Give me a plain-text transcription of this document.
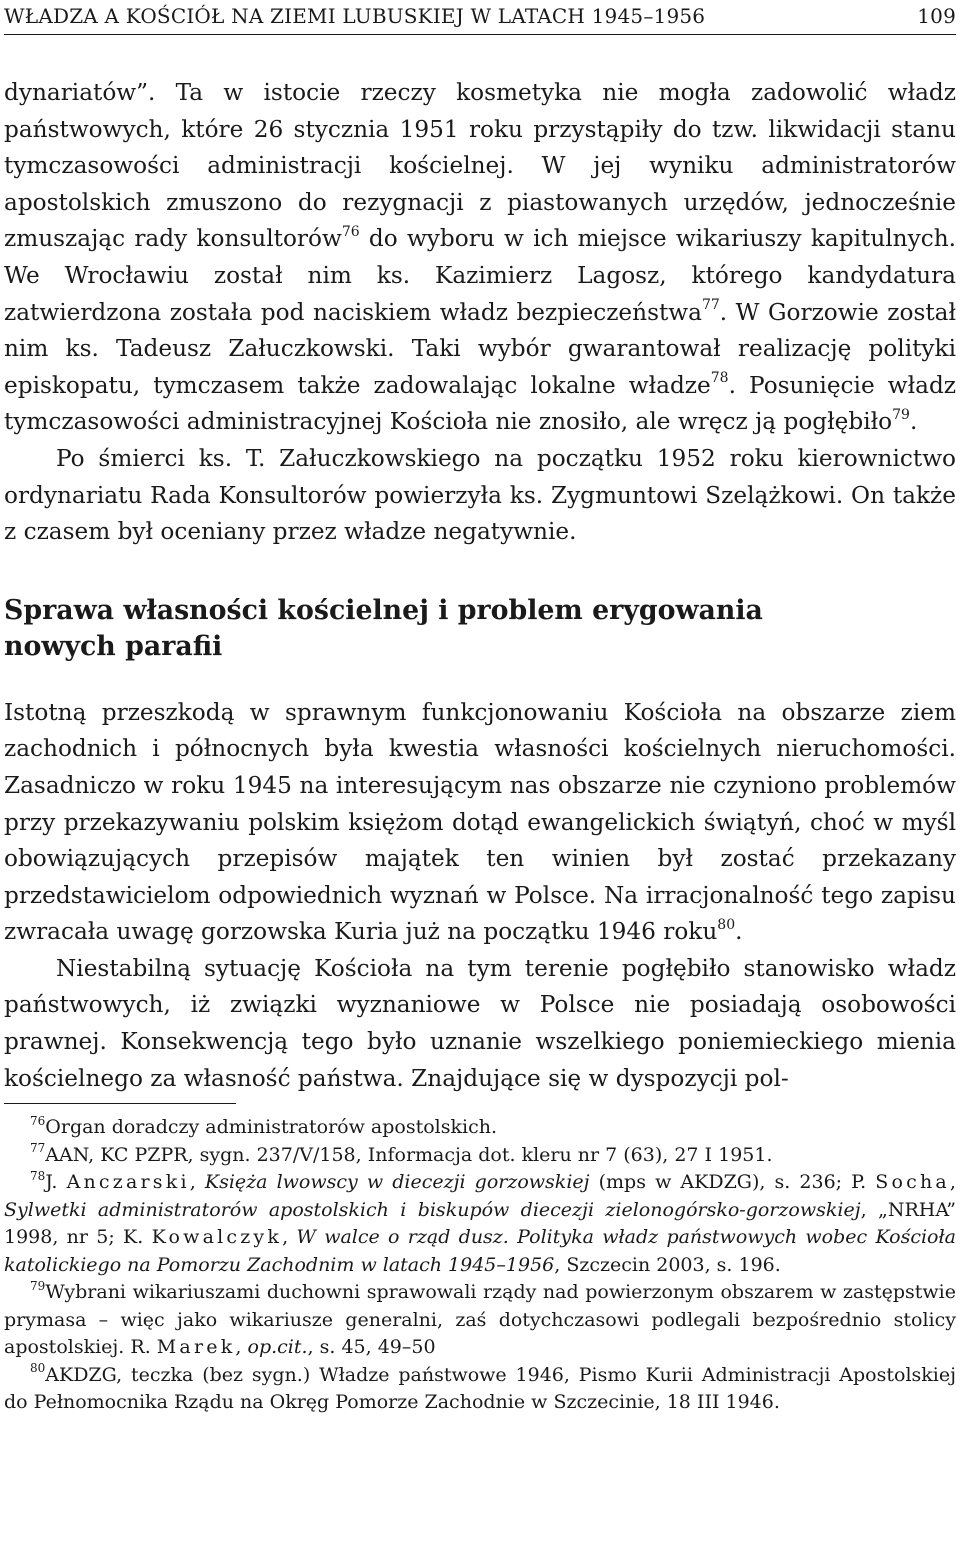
WŁADZA A KOŚCIÓŁ NA ZIEMI LUBUSKIEJ W LATACH 1945–1956	109

dynariatów”. Ta w istocie rzeczy kosmetyka nie mogła zadowolić władz państwowych, które 26 stycznia 1951 roku przystąpiły do tzw. likwidacji stanu tymczasowości administracji kościelnej. W jej wyniku administratorów apostolskich zmuszono do rezygnacji z piastowanych urzędów, jednocześnie zmuszając rady konsultorów$^{76}$ do wyboru w ich miejsce wikariuszy kapitulnych. We Wrocławiu został nim ks. Kazimierz Lagosz, którego kandydatura zatwierdzona została pod naciskiem władz bezpieczeństwa$^{77}$. W Gorzowie został nim ks. Tadeusz Załuczkowski. Taki wybór gwarantował realizację polityki episkopatu, tymczasem także zadowalając lokalne władze$^{78}$. Posunięcie władz tymczasowości administracyjnej Kościoła nie znosiło, ale wręcz ją pogłębiło$^{79}$.

Po śmierci ks. T. Załuczkowskiego na początku 1952 roku kierownictwo ordynariatu Rada Konsultorów powierzyła ks. Zygmuntowi Szelążkowi. On także z czasem był oceniany przez władze negatywnie.

Sprawa własności kościelnej i problem erygowania
nowych parafii

Istotną przeszkodą w sprawnym funkcjonowaniu Kościoła na obszarze ziem zachodnich i północnych była kwestia własności kościelnych nieruchomości. Zasadniczo w roku 1945 na interesującym nas obszarze nie czyniono problemów przy przekazywaniu polskim księżom dotąd ewangelickich świątyń, choć w myśl obowiązujących przepisów majątek ten winien był zostać przekazany przedstawicielom odpowiednich wyznań w Polsce. Na irracjonalność tego zapisu zwracała uwagę gorzowska Kuria już na początku 1946 roku$^{80}$.

Niestabilną sytuację Kościoła na tym terenie pogłębiło stanowisko władz państwowych, iż związki wyznaniowe w Polsce nie posiadają osobowości prawnej. Konsekwencją tego było uznanie wszelkiego poniemieckiego mienia kościelnego za własność państwa. Znajdujące się w dyspozycji pol-

$^{76}$Organ doradczy administratorów apostolskich.

$^{77}$AAN, KC PZPR, sygn. 237/V/158, Informacja dot. kleru nr 7 (63), 27 I 1951.

$^{78}$J. Anczarski, Księża lwowscy w diecezji gorzowskiej (mps w AKDZG), s. 236; P. Socha, Sylwetki administratorów apostolskich i biskupów diecezji zielonogórsko-gorzowskiej, „NRHA” 1998, nr 5; K. Kowalczyk, W walce o rząd dusz. Polityka władz państwowych wobec Kościoła katolickiego na Pomorzu Zachodnim w latach 1945–1956, Szczecin 2003, s. 196.

$^{79}$Wybrani wikariuszami duchowni sprawowali rządy nad powierzonym obszarem w zastępstwie prymasa – więc jako wikariusze generalni, zaś dotychczasowi podlegali bezpośrednio stolicy apostolskiej. R. Marek, op.cit., s. 45, 49–50

$^{80}$AKDZG, teczka (bez sygn.) Władze państwowe 1946, Pismo Kurii Administracji Apostolskiej do Pełnomocnika Rządu na Okręg Pomorze Zachodnie w Szczecinie, 18 III 1946.
